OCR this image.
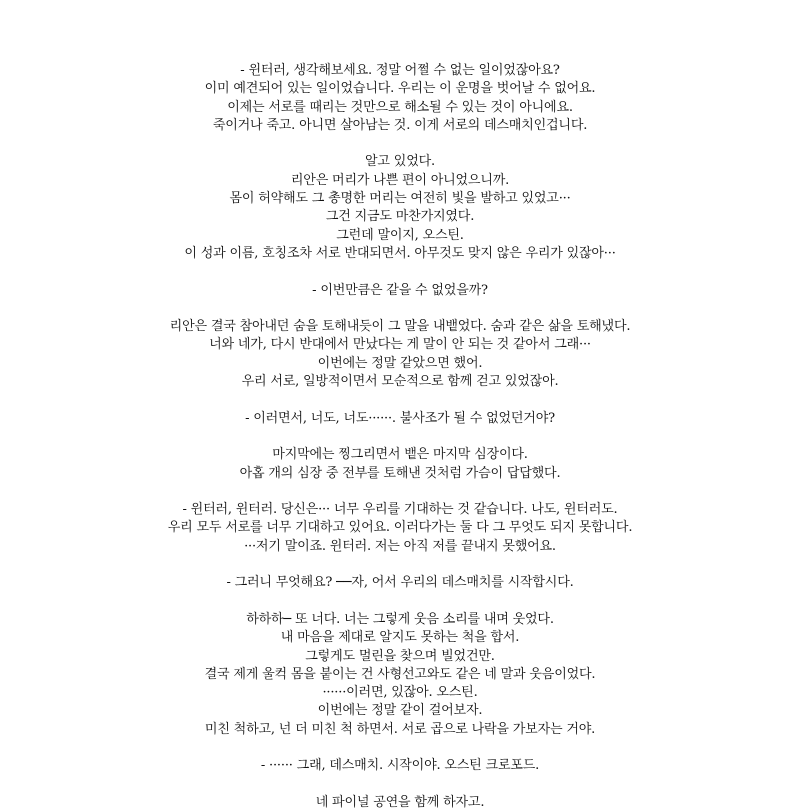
- 윈터러, 생각해보세요. 정말 어쩔 수 없는 일이었잖아요?
이미 예견되어 있는 일이었습니다. 우리는 이 운명을 벗어날 수 없어요.
이제는 서로를 때리는 것만으로 해소될 수 있는 것이 아니에요.
죽이거나 죽고. 아니면 살아남는 것. 이게 서로의 데스매치인겁니다.
알고 있었다.
리안은 머리가 나쁜 편이 아니었으니까.
몸이 허약해도 그 총명한 머리는 여전히 빛을 발하고 있었고···
그건 지금도 마찬가지였다.
그런데 말이지, 오스틴.
이 성과 이름, 호칭조차 서로 반대되면서. 아무것도 맞지 않은 우리가 있잖아···
- 이번만큼은 같을 수 없었을까?
리안은 결국 참아내던 숨을 토해내듯이 그 말을 내뱉었다. 숨과 같은 삶을 토해냈다.
너와 네가, 다시 반대에서 만났다는 게 말이 안 되는 것 같아서 그래···
이번에는 정말 같았으면 했어.
우리 서로, 일방적이면서 모순적으로 함께 걷고 있었잖아.
- 이러면서, 너도, 너도······. 불사조가 될 수 없었던거야?
마지막에는 찡그리면서 뱉은 마지막 심장이다.
아홉 개의 심장 중 전부를 토해낸 것처럼 가슴이 답답했다.
- 윈터러, 윈터러. 당신은··· 너무 우리를 기대하는 것 같습니다. 나도, 윈터러도.
우리 모두 서로를 너무 기대하고 있어요. 이러다가는 둘 다 그 무엇도 되지 못합니다.
···저기 말이죠. 윈터러. 저는 아직 저를 끝내지 못했어요.
- 그러니 무엇해요? ──자, 어서 우리의 데스매치를 시작합시다.
하하하─ 또 너다. 너는 그렇게 웃음 소리를 내며 웃었다.
내 마음을 제대로 알지도 못하는 척을 합서.
그렇게도 멀린을 찾으며 빌었건만.
결국 제게 울컥 몸을 붙이는 건 사형선고와도 같은 네 말과 웃음이었다.
······이러면, 있잖아. 오스틴.
이번에는 정말 같이 걸어보자.
미친 척하고, 넌 더 미친 척 하면서. 서로 곱으로 나락을 가보자는 거야.
- ······ 그래, 데스매치. 시작이야. 오스틴 크로포드.
네 파이널 공연을 함께 하자고.
